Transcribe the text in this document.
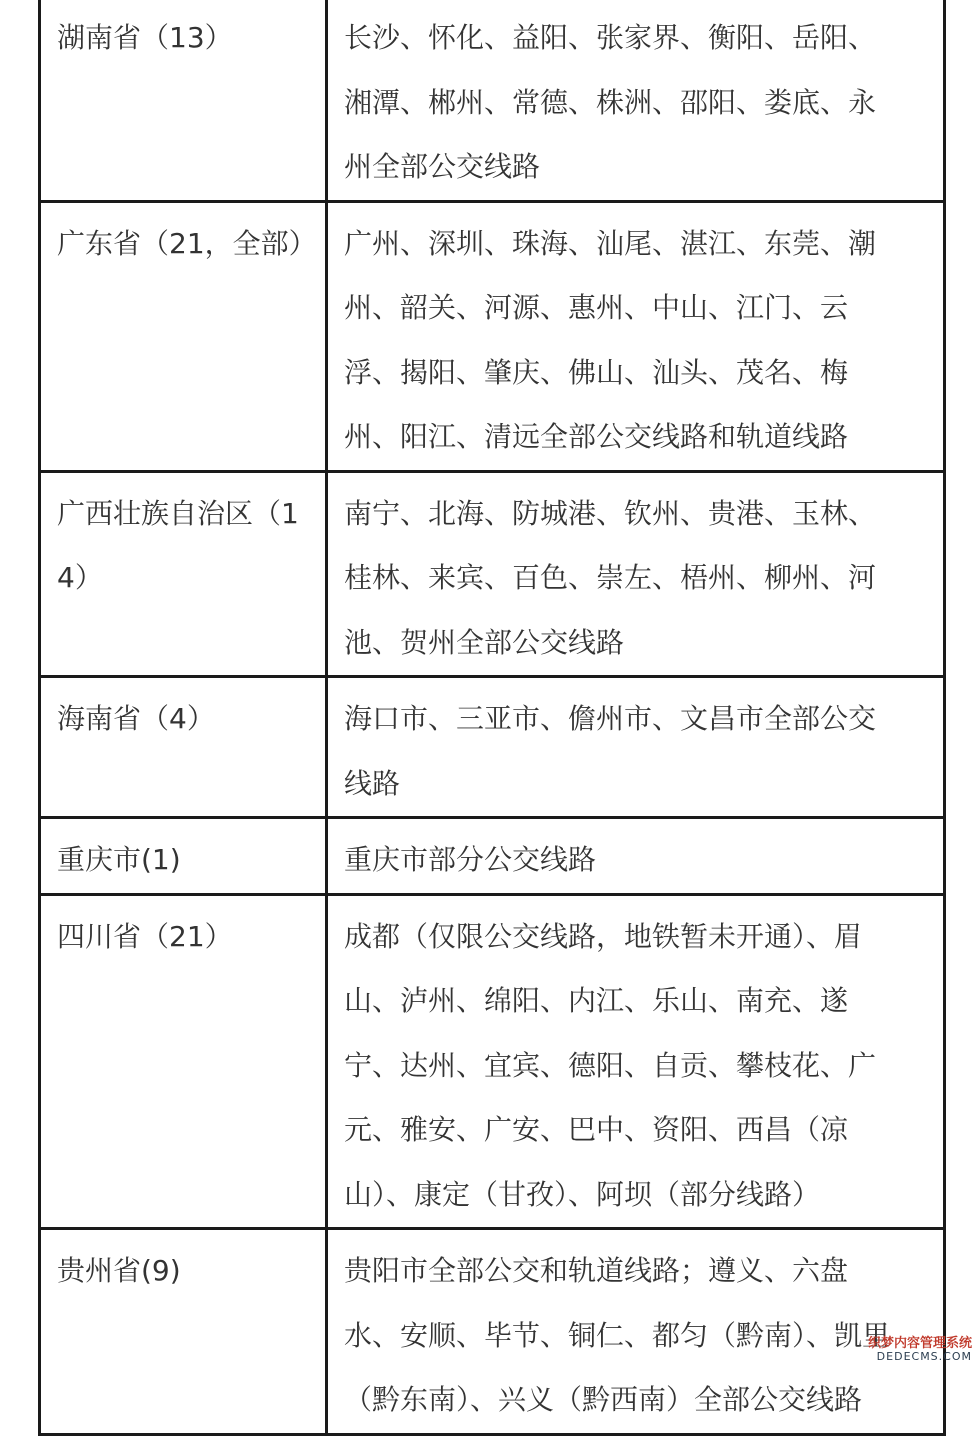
湖南省（13）	长沙、怀化、益阳、张家界、衡阳、岳阳、湘潭、郴州、常德、株洲、邵阳、娄底、永州全部公交线路
广东省（21，全部）	广州、深圳、珠海、汕尾、湛江、东莞、潮州、韶关、河源、惠州、中山、江门、云浮、揭阳、肇庆、佛山、汕头、茂名、梅州、阳江、清远全部公交线路和轨道线路
广西壮族自治区（14）	南宁、北海、防城港、钦州、贵港、玉林、桂林、来宾、百色、崇左、梧州、柳州、河池、贺州全部公交线路
海南省（4）	海口市、三亚市、儋州市、文昌市全部公交线路
重庆市(1)	重庆市部分公交线路
四川省（21）	成都（仅限公交线路，地铁暂未开通）、眉山、泸州、绵阳、内江、乐山、南充、遂宁、达州、宜宾、德阳、自贡、攀枝花、广元、雅安、广安、巴中、资阳、西昌（凉山）、康定（甘孜）、阿坝（部分线路）
贵州省(9)	贵阳市全部公交和轨道线路；遵义、六盘水、安顺、毕节、铜仁、都匀（黔南）、凯里（黔东南）、兴义（黔西南）全部公交线路
织梦内容管理系统
DEDECMS.COM
